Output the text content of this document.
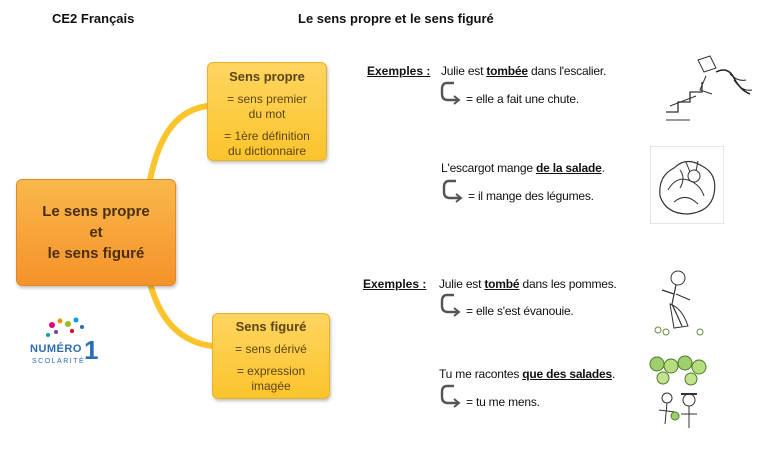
CE2 Français	Le sens propre et le sens figuré
Le sens propre
et
le sens figuré
Sens propre
= sens premier
du mot
= 1ère définition
du dictionnaire
Sens figuré
= sens dérivé
= expression
imagée
NUMÉRO 1
SCOLARITÉ
Exemples : Julie est tombée dans l'escalier.
= elle a fait une chute.
L'escargot mange de la salade.
= il mange des légumes.
Exemples : Julie est tombé dans les pommes.
= elle s'est évanouie.
Tu me racontes que des salades.
= tu me mens.
